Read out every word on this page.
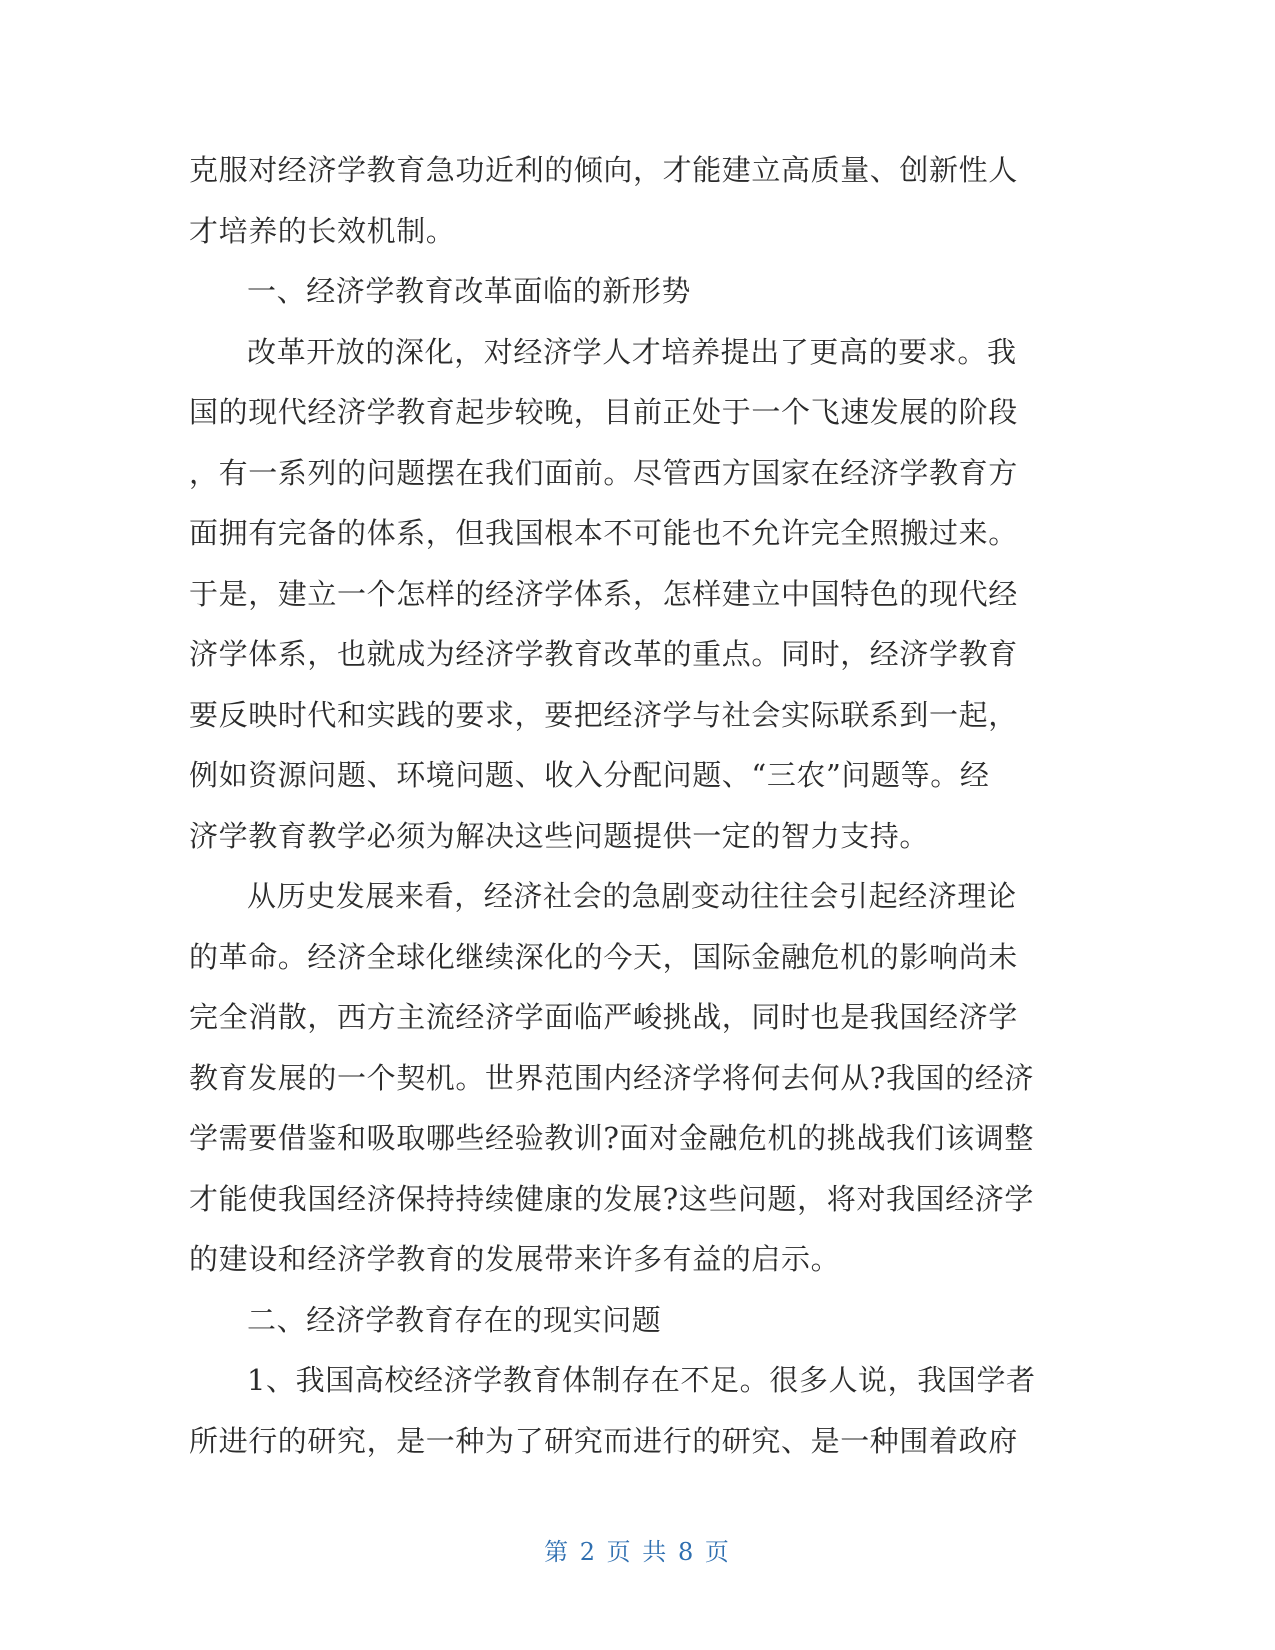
克服对经济学教育急功近利的倾向，才能建立高质量、创新性人
才培养的长效机制。
一、经济学教育改革面临的新形势
改革开放的深化，对经济学人才培养提出了更高的要求。我
国的现代经济学教育起步较晚，目前正处于一个飞速发展的阶段
，有一系列的问题摆在我们面前。尽管西方国家在经济学教育方
面拥有完备的体系，但我国根本不可能也不允许完全照搬过来。
于是，建立一个怎样的经济学体系，怎样建立中国特色的现代经
济学体系，也就成为经济学教育改革的重点。同时，经济学教育
要反映时代和实践的要求，要把经济学与社会实际联系到一起，
例如资源问题、环境问题、收入分配问题、“三农”问题等。经
济学教育教学必须为解决这些问题提供一定的智力支持。
从历史发展来看，经济社会的急剧变动往往会引起经济理论
的革命。经济全球化继续深化的今天，国际金融危机的影响尚未
完全消散，西方主流经济学面临严峻挑战，同时也是我国经济学
教育发展的一个契机。世界范围内经济学将何去何从?我国的经济
学需要借鉴和吸取哪些经验教训?面对金融危机的挑战我们该调整
才能使我国经济保持持续健康的发展?这些问题，将对我国经济学
的建设和经济学教育的发展带来许多有益的启示。
二、经济学教育存在的现实问题
1、我国高校经济学教育体制存在不足。很多人说，我国学者
所进行的研究，是一种为了研究而进行的研究、是一种围着政府
第 2 页 共 8 页
